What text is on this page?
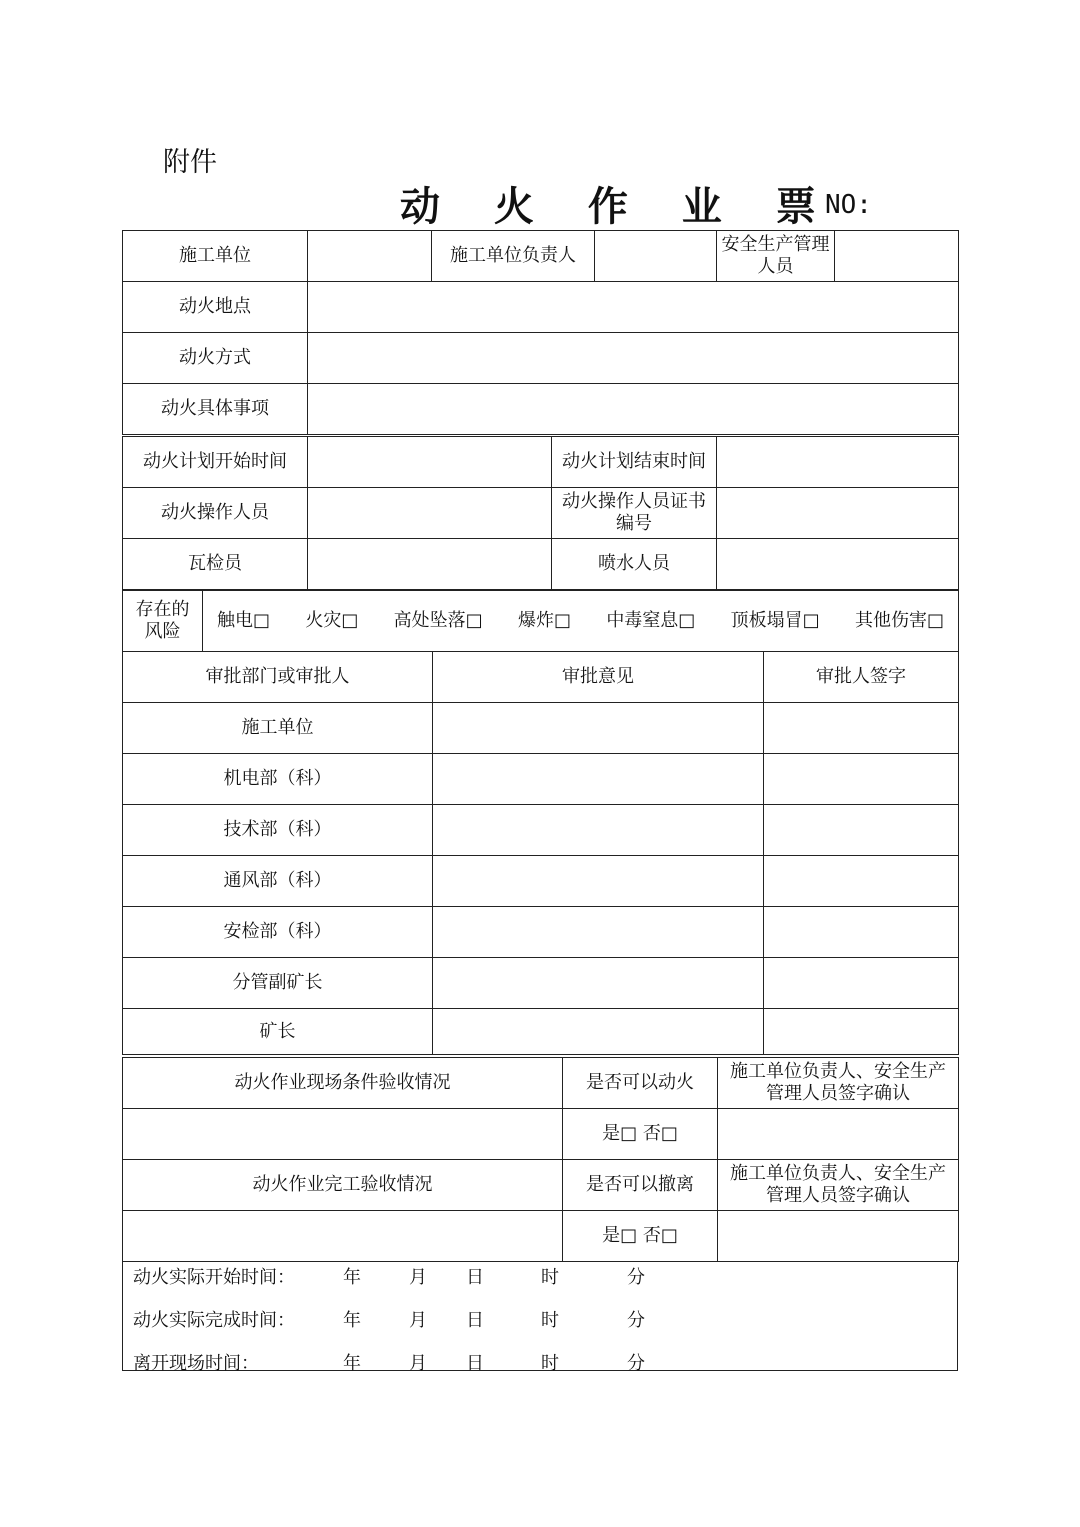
附件
动 火 作 业 票
NO:
施工单位		施工单位负责人		安全生产管理人员	
动火地点					
动火方式					
动火具体事项					
动火计划开始时间		动火计划结束时间	
动火操作人员		动火操作人员证书编号	
瓦检员		喷水人员	
存在的风险	
触电□ 火灾□ 高处坠落□ 爆炸□ 中毒窒息□ 顶板塌冒□ 其他伤害□
审批部门或审批人	审批意见	审批人签字
施工单位		
机电部（科）		
技术部（科）		
通风部（科）		
安检部（科）		
分管副矿长		
矿长		
动火作业现场条件验收情况	是否可以动火	施工单位负责人、安全生产管理人员签字确认
	是□ 否□	
动火作业完工验收情况	是否可以撤离	施工单位负责人、安全生产管理人员签字确认
	是□ 否□	
动火实际开始时间：	年	月	日	时	分
动火实际完成时间：	年	月	日	时	分
离开现场时间：	年	月	日	时	分
